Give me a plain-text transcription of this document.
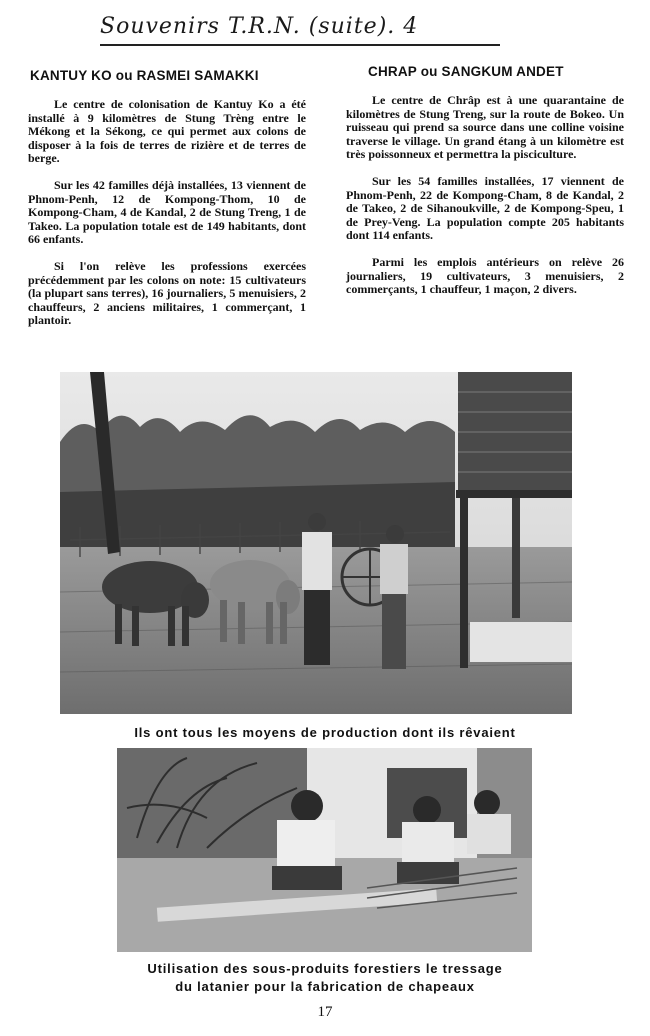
Souvenirs T.R.N. (suite). 4
KANTUY KO ou RASMEI SAMAKKI	CHRAP ou SANGKUM ANDET

Le centre de colonisation de Kantuy Ko a été installé à 9 kilomètres de Stung Trèng entre le Mékong et la Sékong, ce qui permet aux colons de disposer à la fois de terres de rizière et de terres de berge.

Sur les 42 familles déjà installées, 13 viennent de Phnom-Penh, 12 de Kompong-Thom, 10 de Kompong-Cham, 4 de Kandal, 2 de Stung Treng, 1 de Takeo. La population totale est de 149 habitants, dont 66 enfants.

Si l'on relève les professions exercées précédemment par les colons on note: 15 cultivateurs (la plupart sans terres), 16 journaliers, 5 menuisiers, 2 chauffeurs, 2 anciens militaires, 1 commerçant, 1 plantoir.

Le centre de Chrâp est à une quarantaine de kilomètres de Stung Treng, sur la route de Bokeo. Un ruisseau qui prend sa source dans une colline voisine traverse le village. Un grand étang à un kilomètre est très poissonneux et permettra la pisciculture.

Sur les 54 familles installées, 17 viennent de Phnom-Penh, 22 de Kompong-Cham, 8 de Kandal, 2 de Takeo, 2 de Sihanoukville, 2 de Kompong-Speu, 1 de Prey-Veng. La population compte 205 habitants dont 114 enfants.

Parmi les emplois antérieurs on relève 26 journaliers, 19 cultivateurs, 3 menuisiers, 2 commerçants, 1 chauffeur, 1 maçon, 2 divers.

Ils ont tous les moyens de production dont ils rêvaient
Utilisation des sous-produits forestiers le tressage
du latanier pour la fabrication de chapeaux
17
